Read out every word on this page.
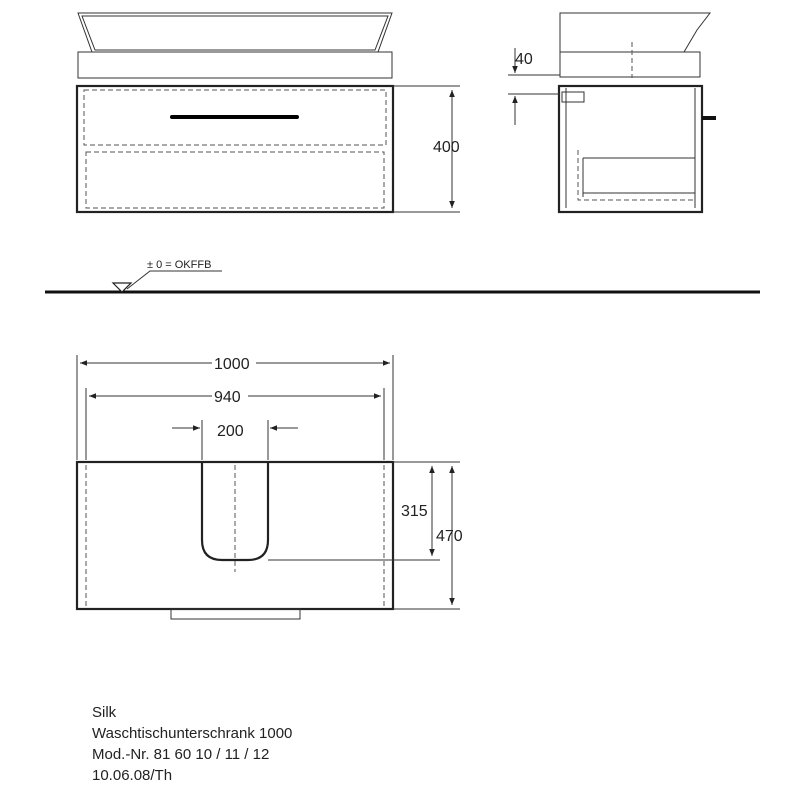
400
40
± 0 = OKFFB
1000
940
200
315
470
Silk
Waschtischunterschrank 1000
Mod.-Nr. 81 60 10 / 11 / 12
10.06.08/Th
